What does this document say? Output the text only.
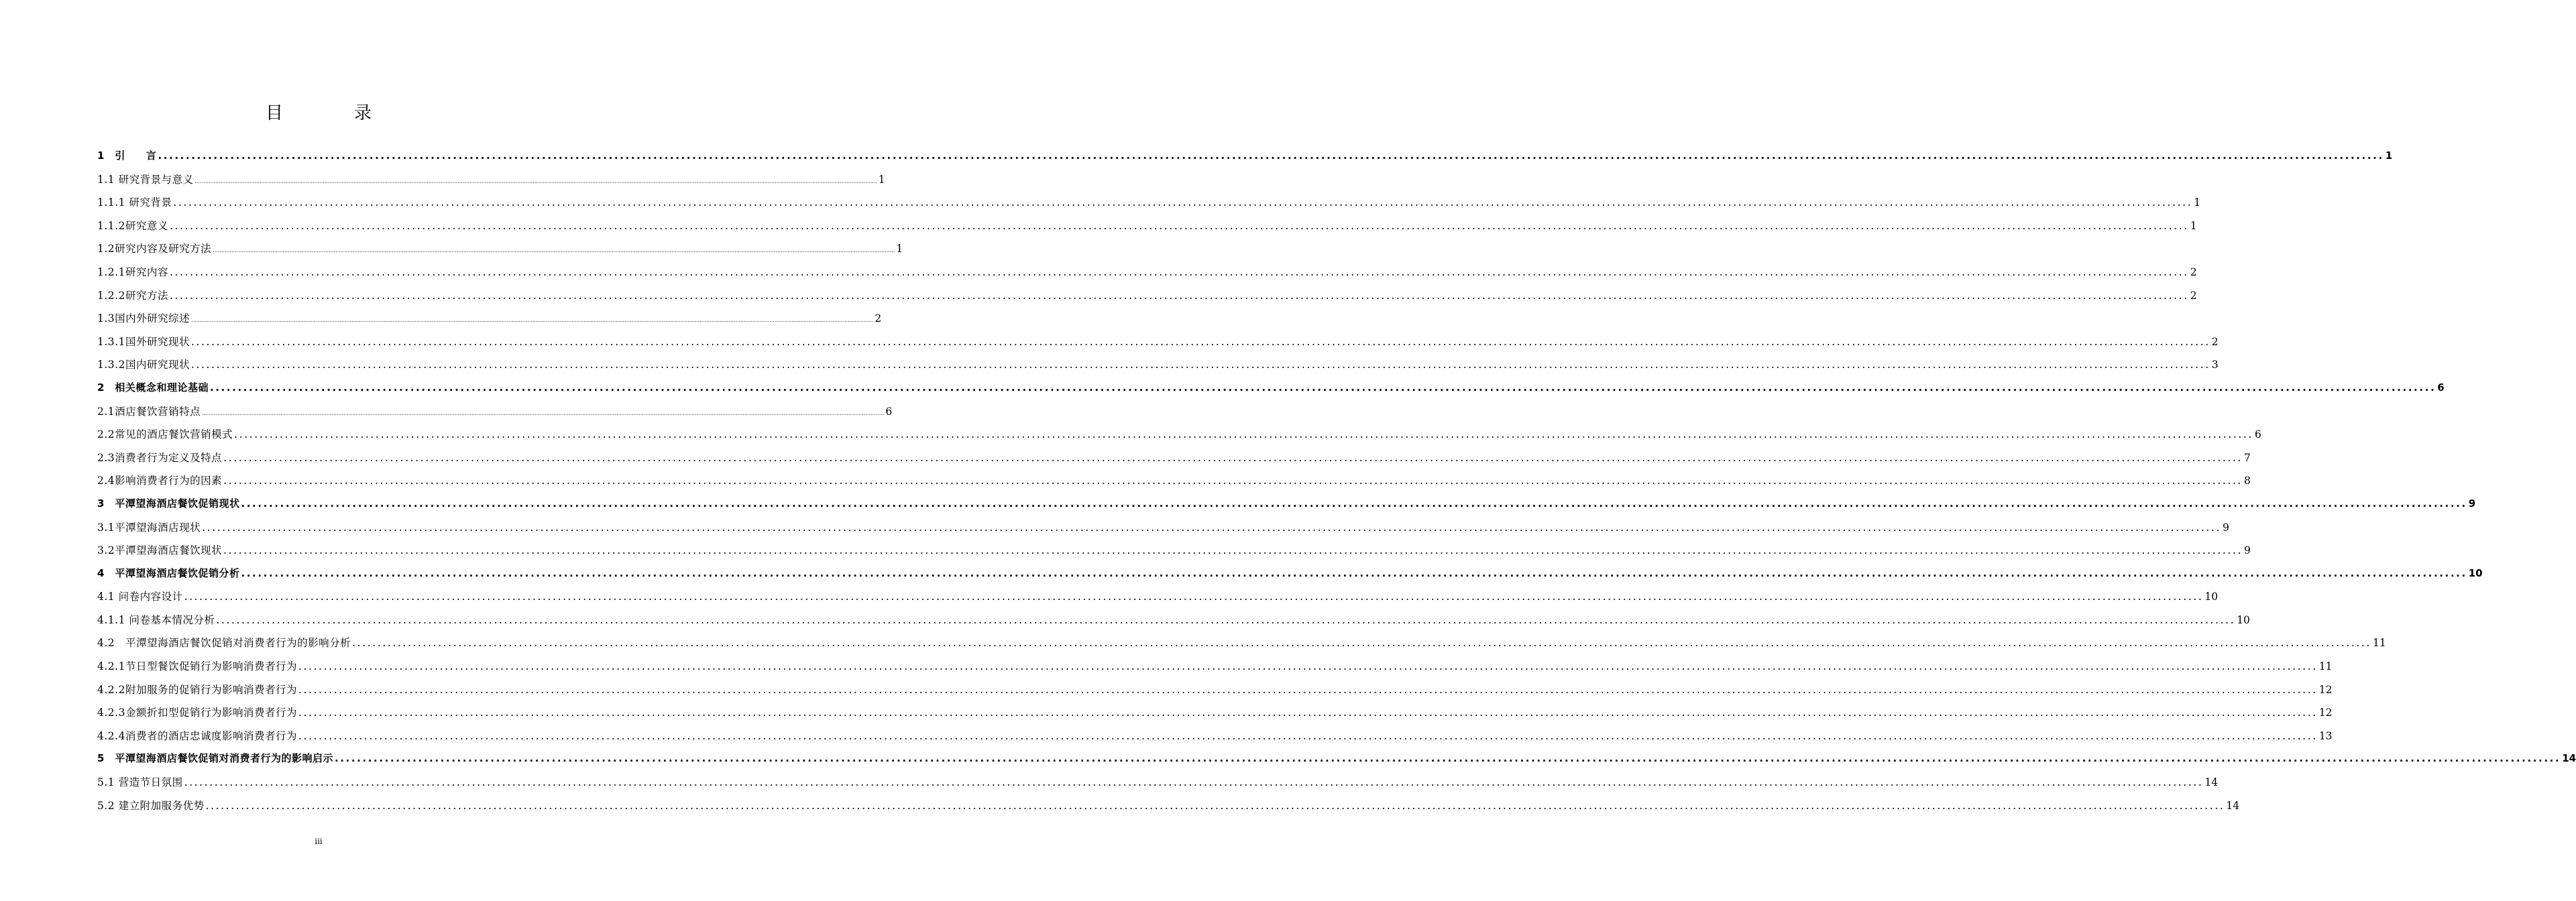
目　录
1　引　　言 ................................................................................................................................................................................................................................................................................................................................................................................................................ 1
1.1 研究背景与意义 ................................................................................................................................................................................................................................................................................................................................................................................................................ 1
1.1.1 研究背景 ................................................................................................................................................................................................................................................................................................................................................................................................................ 1
1.1.2研究意义 ................................................................................................................................................................................................................................................................................................................................................................................................................ 1
1.2研究内容及研究方法 ................................................................................................................................................................................................................................................................................................................................................................................................................ 1
1.2.1研究内容 ................................................................................................................................................................................................................................................................................................................................................................................................................ 2
1.2.2研究方法 ................................................................................................................................................................................................................................................................................................................................................................................................................ 2
1.3国内外研究综述 ................................................................................................................................................................................................................................................................................................................................................................................................................ 2
1.3.1国外研究现状 ................................................................................................................................................................................................................................................................................................................................................................................................................ 2
1.3.2国内研究现状 ................................................................................................................................................................................................................................................................................................................................................................................................................ 3
2　相关概念和理论基础 ................................................................................................................................................................................................................................................................................................................................................................................................................ 6
2.1酒店餐饮营销特点 ................................................................................................................................................................................................................................................................................................................................................................................................................ 6
2.2常见的酒店餐饮营销模式 ................................................................................................................................................................................................................................................................................................................................................................................................................ 6
2.3消费者行为定义及特点 ................................................................................................................................................................................................................................................................................................................................................................................................................ 7
2.4影响消费者行为的因素 ................................................................................................................................................................................................................................................................................................................................................................................................................ 8
3　平潭望海酒店餐饮促销现状 ................................................................................................................................................................................................................................................................................................................................................................................................................ 9
3.1平潭望海酒店现状 ................................................................................................................................................................................................................................................................................................................................................................................................................ 9
3.2平潭望海酒店餐饮现状 ................................................................................................................................................................................................................................................................................................................................................................................................................ 9
4　平潭望海酒店餐饮促销分析 ................................................................................................................................................................................................................................................................................................................................................................................................................ 10
4.1 问卷内容设计 ................................................................................................................................................................................................................................................................................................................................................................................................................ 10
4.1.1 问卷基本情况分析 ................................................................................................................................................................................................................................................................................................................................................................................................................ 10
4.2　平潭望海酒店餐饮促销对消费者行为的影响分析 ................................................................................................................................................................................................................................................................................................................................................................................................................ 11
4.2.1节日型餐饮促销行为影响消费者行为 ................................................................................................................................................................................................................................................................................................................................................................................................................ 11
4.2.2附加服务的促销行为影响消费者行为 ................................................................................................................................................................................................................................................................................................................................................................................................................ 12
4.2.3金额折扣型促销行为影响消费者行为 ................................................................................................................................................................................................................................................................................................................................................................................................................ 12
4.2.4消费者的酒店忠诚度影响消费者行为 ................................................................................................................................................................................................................................................................................................................................................................................................................ 13
5　平潭望海酒店餐饮促销对消费者行为的影响启示 ................................................................................................................................................................................................................................................................................................................................................................................................................ 14
5.1 营造节日氛围 ................................................................................................................................................................................................................................................................................................................................................................................................................ 14
5.2 建立附加服务优势 ................................................................................................................................................................................................................................................................................................................................................................................................................ 14
iii
